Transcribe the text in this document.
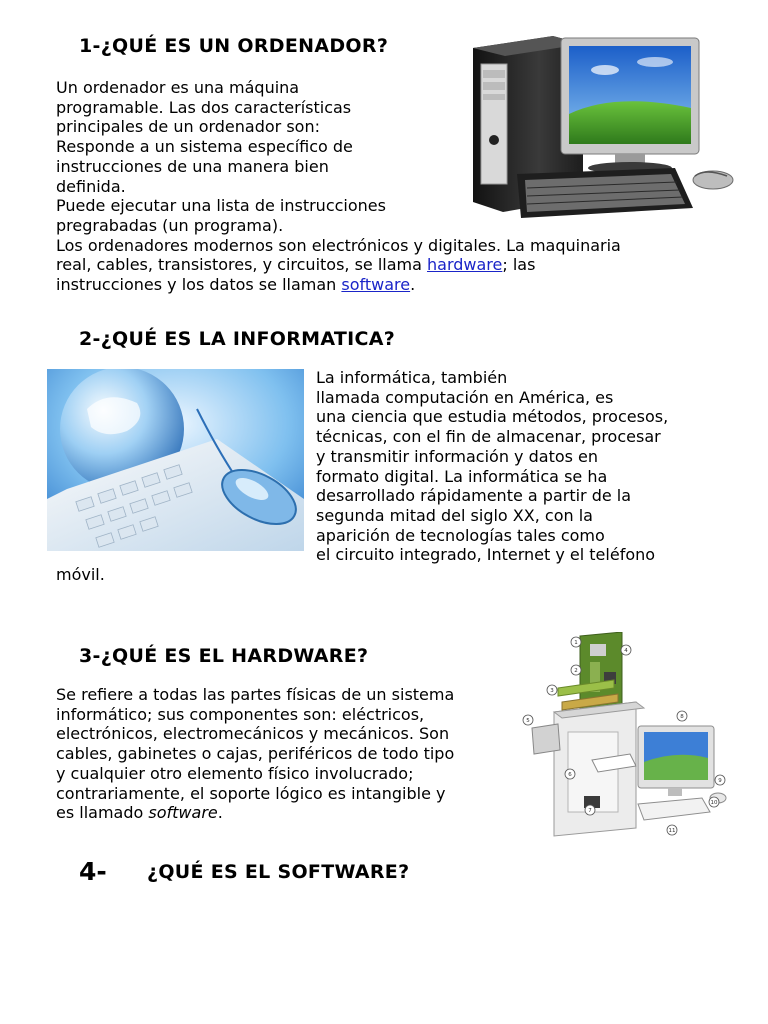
1-¿QUÉ ES UN ORDENADOR?
Un ordenador es una máquina
programable. Las dos características
principales de un ordenador son:
Responde a un sistema específico de
instrucciones de una manera bien
definida.
Puede ejecutar una lista de instrucciones
pregrabadas (un programa).
Los ordenadores modernos son electrónicos y digitales. La maquinaria
real, cables, transistores, y circuitos, se llama hardware; las
instrucciones y los datos se llaman software.
2-¿QUÉ ES LA INFORMATICA?
La informática, también
llamada computación en América, es
una ciencia que estudia métodos, procesos,
técnicas, con el fin de almacenar, procesar
y transmitir información y datos en
formato digital. La informática se ha
desarrollado rápidamente a partir de la
segunda mitad del siglo XX, con la
aparición de tecnologías tales como
el circuito integrado, Internet y el teléfono
móvil.
3-¿QUÉ ES EL HARDWARE?
Se refiere a todas las partes físicas de un sistema
informático; sus componentes son: eléctricos,
electrónicos, electromecánicos y mecánicos. Son
cables, gabinetes o cajas, periféricos de todo tipo
y cualquier otro elemento físico involucrado;
contrariamente, el soporte lógico es intangible y
es llamado software.
1
2
3
4
5
6
7
8
9
10
11
4- ¿QUÉ ES EL SOFTWARE?
